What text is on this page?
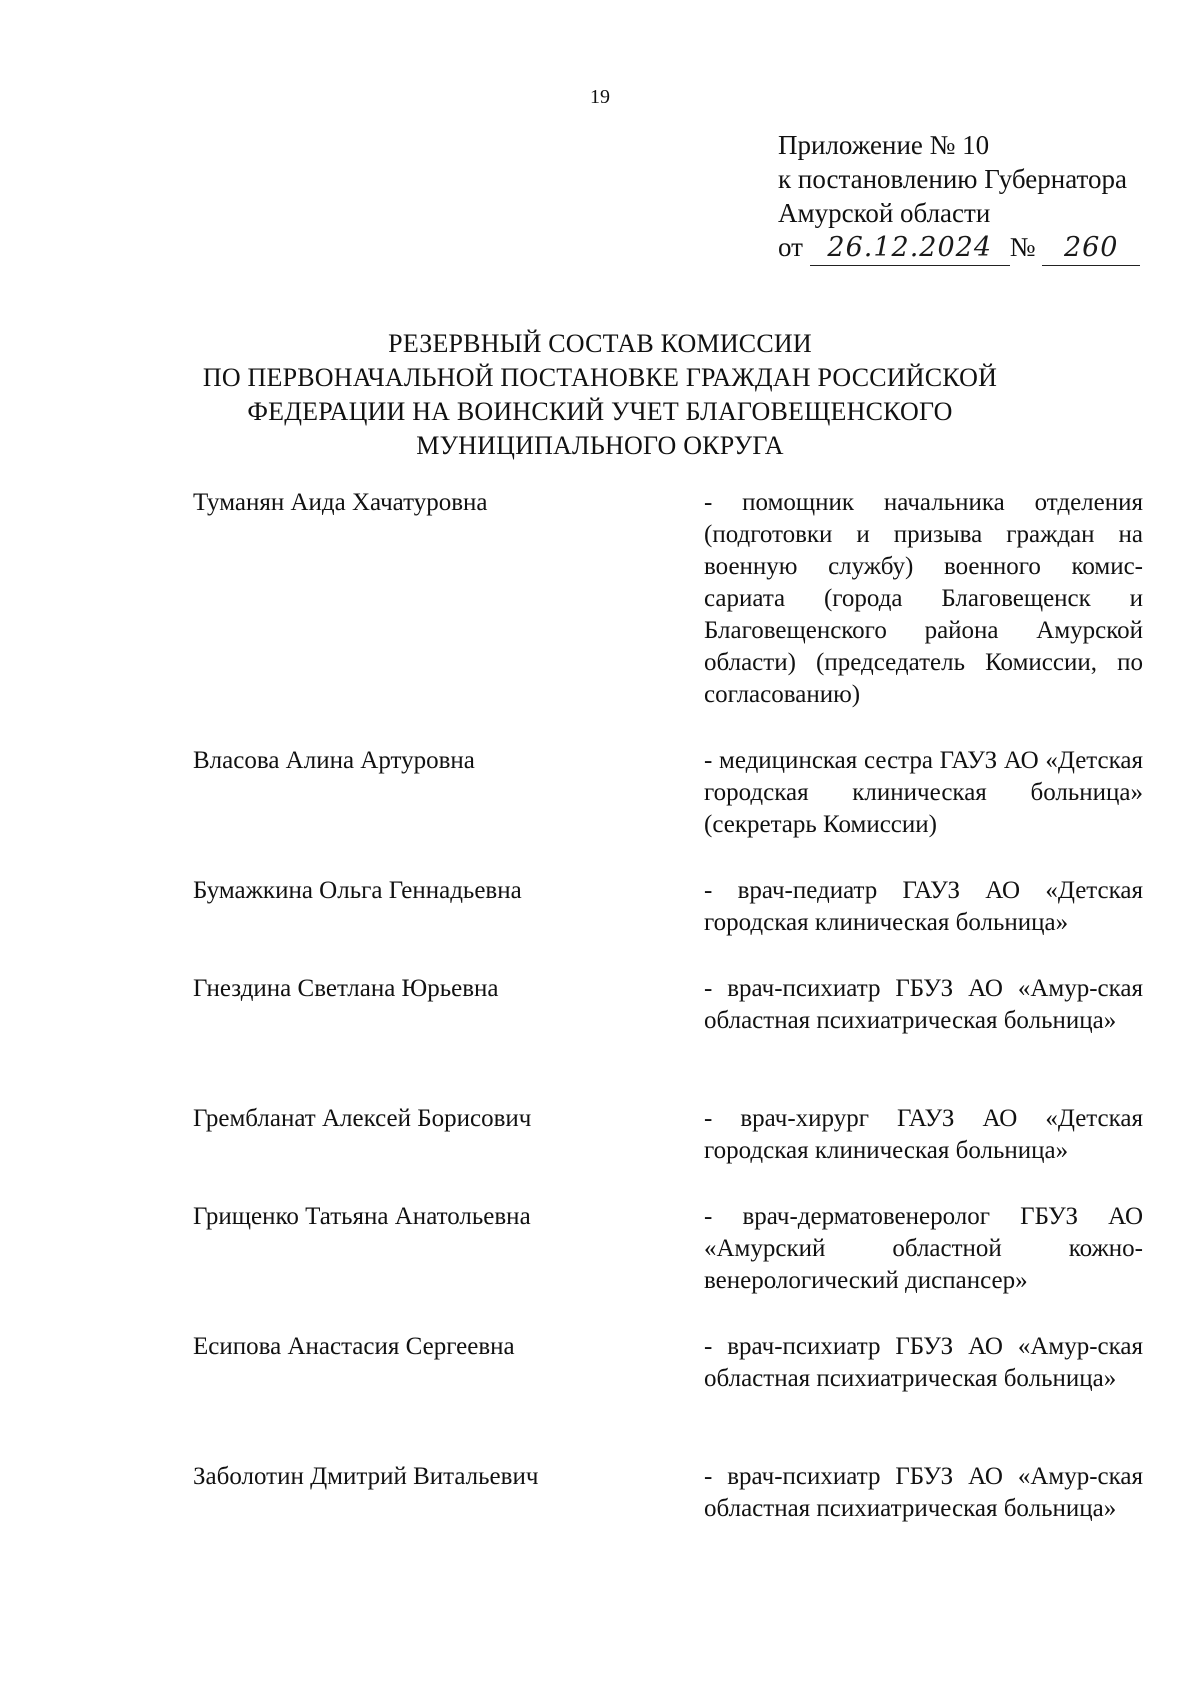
19
Приложение № 10
к постановлению Губернатора
Амурской области
от 26.12.2024 № 260
РЕЗЕРВНЫЙ СОСТАВ КОМИССИИ
ПО ПЕРВОНАЧАЛЬНОЙ ПОСТАНОВКЕ ГРАЖДАН РОССИЙСКОЙ
ФЕДЕРАЦИИ НА ВОИНСКИЙ УЧЕТ БЛАГОВЕЩЕНСКОГО
МУНИЦИПАЛЬНОГО ОКРУГА
Туманян Аида Хачатуровна	- помощник начальника отделения (подготовки и призыва граждан на военную службу) военного комис-сариата (города Благовещенск и Благовещенского района Амурской области) (председатель Комиссии, по согласованию)
Власова Алина Артуровна	- медицинская сестра ГАУЗ АО «Детская городская клиническая больница» (секретарь Комиссии)
Бумажкина Ольга Геннадьевна	- врач-педиатр ГАУЗ АО «Детская городская клиническая больница»
Гнездина Светлана Юрьевна	- врач-психиатр ГБУЗ АО «Амур-ская областная психиатрическая больница»
Грембланат Алексей Борисович	- врач-хирург ГАУЗ АО «Детская городская клиническая больница»
Грищенко Татьяна Анатольевна	- врач-дерматовенеролог ГБУЗ АО «Амурский областной кожно-венерологический диспансер»
Есипова Анастасия Сергеевна	- врач-психиатр ГБУЗ АО «Амур-ская областная психиатрическая больница»
Заболотин Дмитрий Витальевич	- врач-психиатр ГБУЗ АО «Амур-ская областная психиатрическая больница»
